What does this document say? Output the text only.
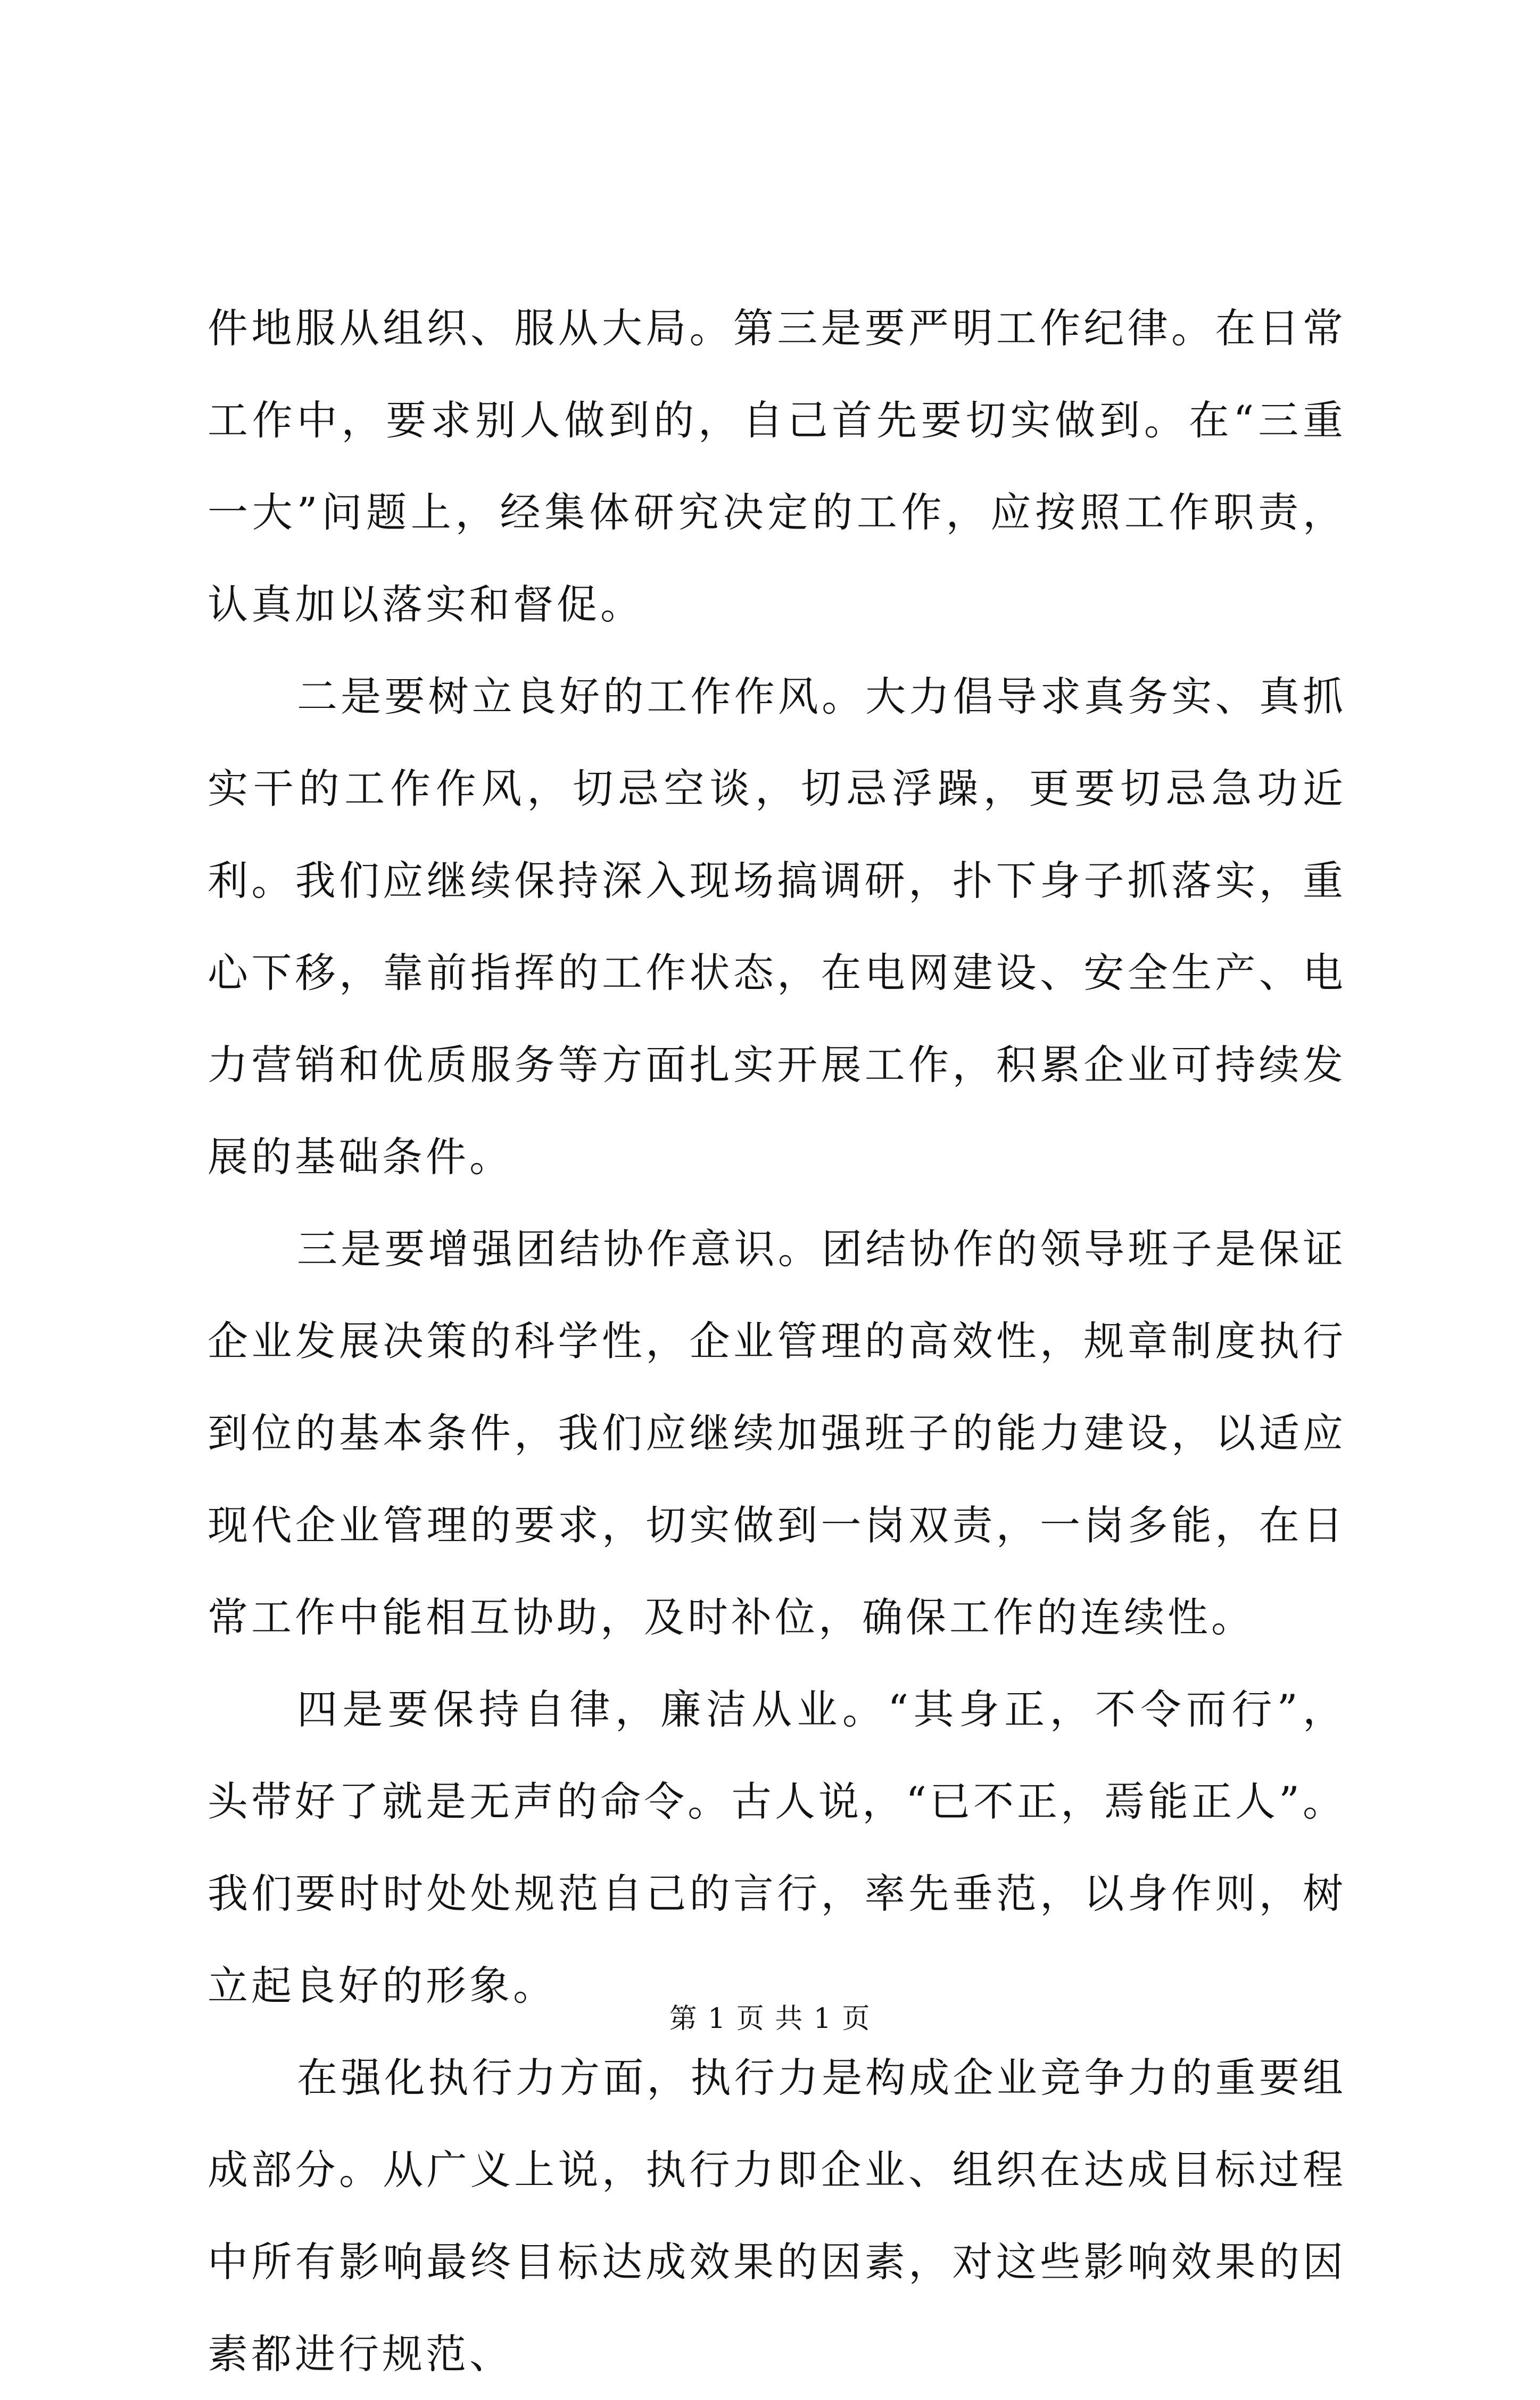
件地服从组织、服从大局。第三是要严明工作纪律。在日常工作中，要求别人做到的，自己首先要切实做到。在“三重一大”问题上，经集体研究决定的工作，应按照工作职责，认真加以落实和督促。

二是要树立良好的工作作风。大力倡导求真务实、真抓实干的工作作风，切忌空谈，切忌浮躁，更要切忌急功近利。我们应继续保持深入现场搞调研，扑下身子抓落实，重心下移，靠前指挥的工作状态，在电网建设、安全生产、电力营销和优质服务等方面扎实开展工作，积累企业可持续发展的基础条件。

三是要增强团结协作意识。团结协作的领导班子是保证企业发展决策的科学性，企业管理的高效性，规章制度执行到位的基本条件，我们应继续加强班子的能力建设，以适应现代企业管理的要求，切实做到一岗双责，一岗多能，在日常工作中能相互协助，及时补位，确保工作的连续性。

四是要保持自律，廉洁从业。“其身正，不令而行”，头带好了就是无声的命令。古人说，“已不正，焉能正人”。我们要时时处处规范自己的言行，率先垂范，以身作则，树立起良好的形象。

在强化执行力方面，执行力是构成企业竞争力的重要组成部分。从广义上说，执行力即企业、组织在达成目标过程中所有影响最终目标达成效果的因素，对这些影响效果的因素都进行规范、

第 1 页 共 1 页
